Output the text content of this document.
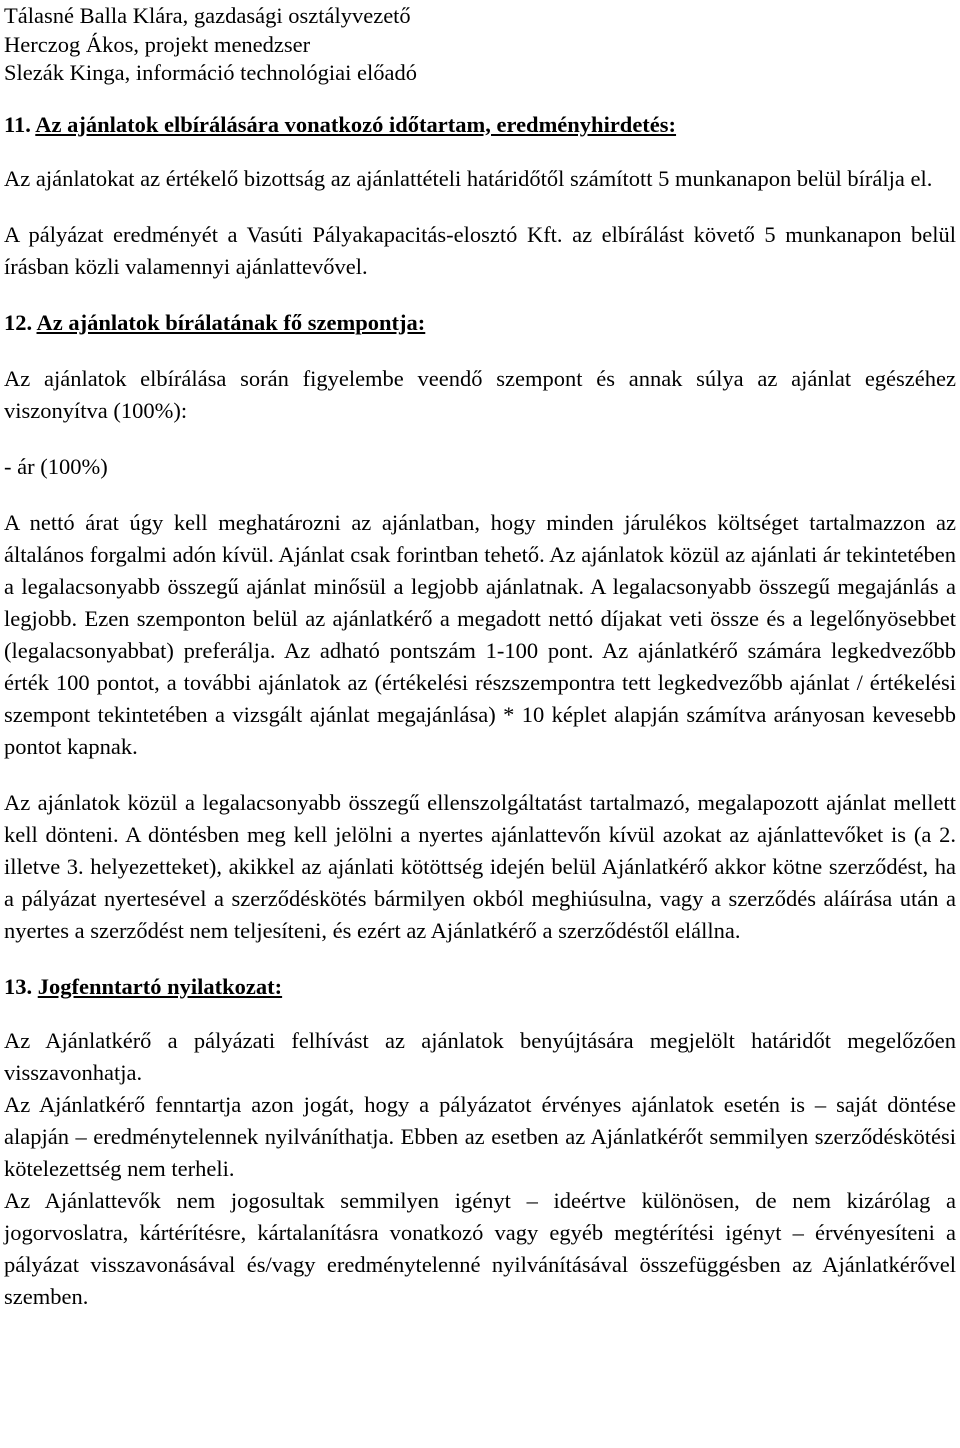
Tálasné Balla Klára, gazdasági osztályvezető

Herczog Ákos, projekt menedzser

Slezák Kinga, információ technológiai előadó

11. Az ajánlatok elbírálására vonatkozó időtartam, eredményhirdetés:

Az ajánlatokat az értékelő bizottság az ajánlattételi határidőtől számított 5 munkanapon belül bírálja el.

A pályázat eredményét a Vasúti Pályakapacitás-elosztó Kft. az elbírálást követő 5 munkanapon belül írásban közli valamennyi ajánlattevővel.

12. Az ajánlatok bírálatának fő szempontja:

Az ajánlatok elbírálása során figyelembe veendő szempont és annak súlya az ajánlat egészéhez viszonyítva (100%):

- ár (100%)

A nettó árat úgy kell meghatározni az ajánlatban, hogy minden járulékos költséget tartalmazzon az általános forgalmi adón kívül. Ajánlat csak forintban tehető. Az ajánlatok közül az ajánlati ár tekintetében a legalacsonyabb összegű ajánlat minősül a legjobb ajánlatnak. A legalacsonyabb összegű megajánlás a legjobb. Ezen szemponton belül az ajánlatkérő a megadott nettó díjakat veti össze és a legelőnyösebbet (legalacsonyabbat) preferálja. Az adható pontszám 1-100 pont. Az ajánlatkérő számára legkedvezőbb érték 100 pontot, a további ajánlatok az (értékelési részszempontra tett legkedvezőbb ajánlat / értékelési szempont tekintetében a vizsgált ajánlat megajánlása) * 10 képlet alapján számítva arányosan kevesebb pontot kapnak.

Az ajánlatok közül a legalacsonyabb összegű ellenszolgáltatást tartalmazó, megalapozott ajánlat mellett kell dönteni. A döntésben meg kell jelölni a nyertes ajánlattevőn kívül azokat az ajánlattevőket is (a 2. illetve 3. helyezetteket), akikkel az ajánlati kötöttség idején belül Ajánlatkérő akkor kötne szerződést, ha a pályázat nyertesével a szerződéskötés bármilyen okból meghiúsulna, vagy a szerződés aláírása után a nyertes a szerződést nem teljesíteni, és ezért az Ajánlatkérő a szerződéstől elállna.

13. Jogfenntartó nyilatkozat:

Az Ajánlatkérő a pályázati felhívást az ajánlatok benyújtására megjelölt határidőt megelőzően visszavonhatja.

Az Ajánlatkérő fenntartja azon jogát, hogy a pályázatot érvényes ajánlatok esetén is – saját döntése alapján – eredménytelennek nyilváníthatja. Ebben az esetben az Ajánlatkérőt semmilyen szerződéskötési kötelezettség nem terheli.

Az Ajánlattevők nem jogosultak semmilyen igényt – ideértve különösen, de nem kizárólag a jogorvoslatra, kártérítésre, kártalanításra vonatkozó vagy egyéb megtérítési igényt – érvényesíteni a pályázat visszavonásával és/vagy eredménytelenné nyilvánításával összefüggésben az Ajánlatkérővel szemben.
